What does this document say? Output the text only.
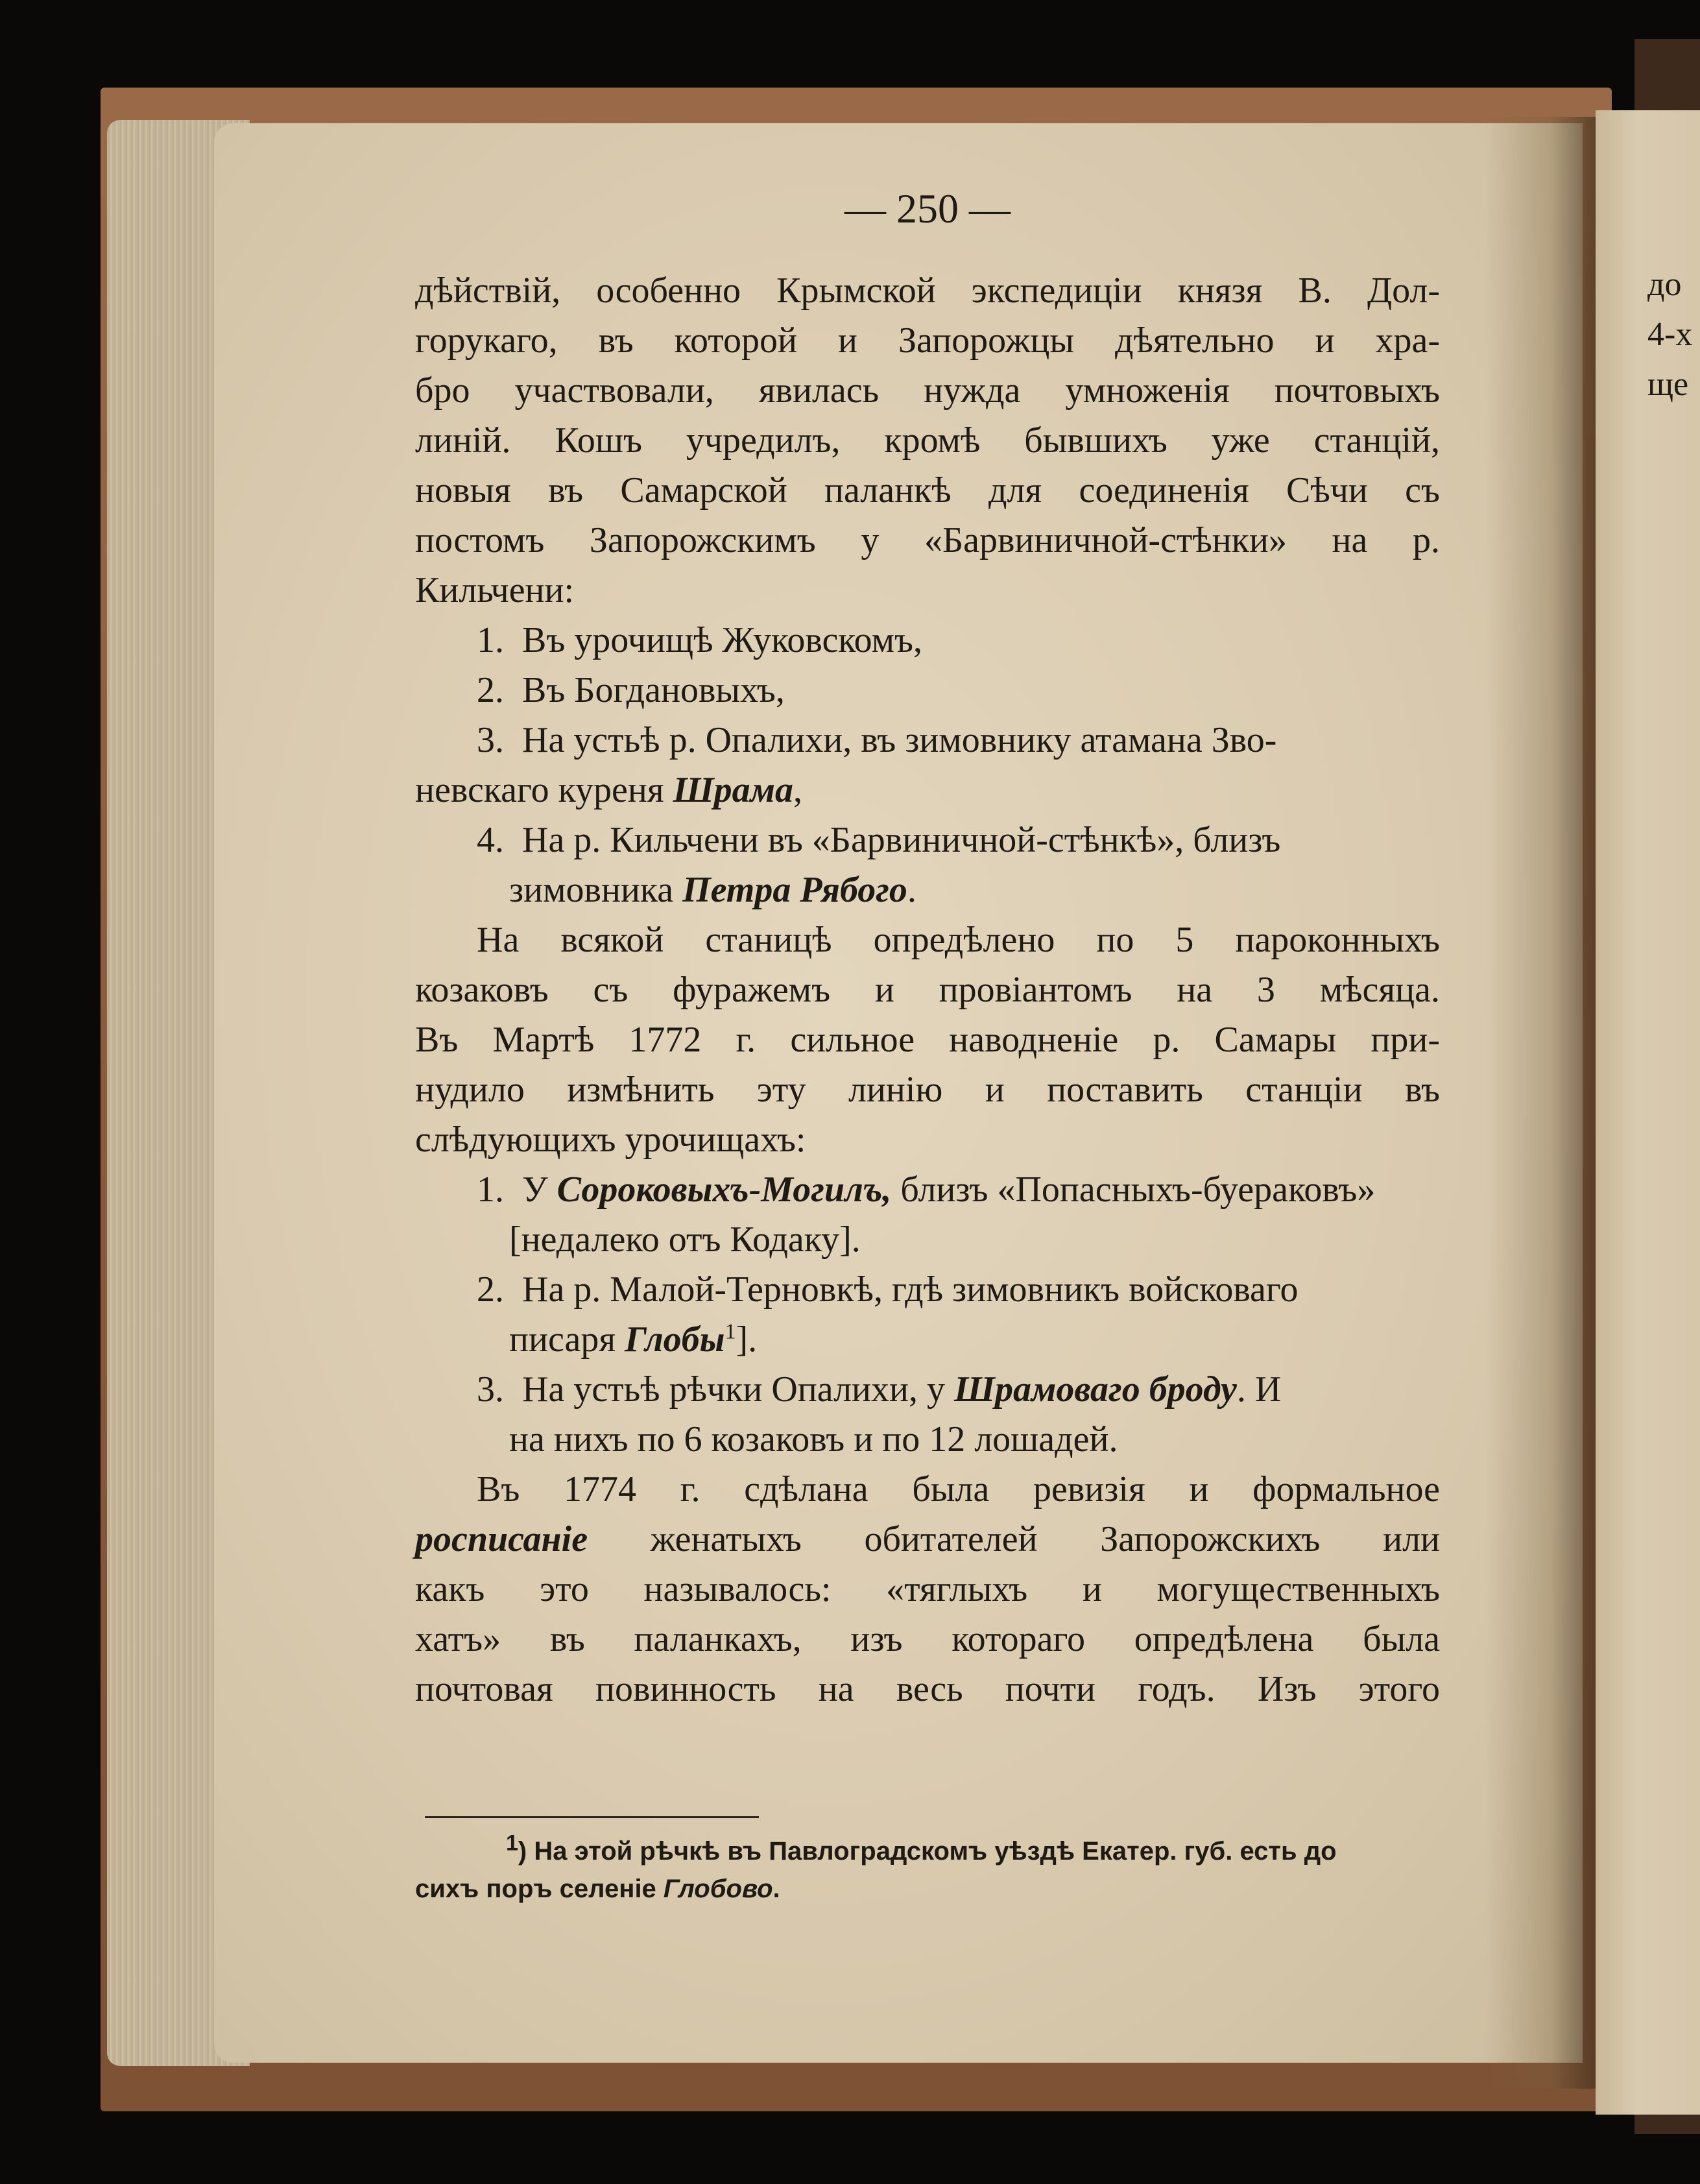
— 250 —
дѣйствій, особенно Крымской экспедиціи князя В. Дол-
горукаго, въ которой и Запорожцы дѣятельно и хра-
бро участвовали, явилась нужда умноженія почтовыхъ
линій. Кошъ учредилъ, кромѣ бывшихъ уже станцій,
новыя въ Самарской паланкѣ для соединенія Сѣчи съ
постомъ Запорожскимъ у «Барвиничной-стѣнки» на р.
Кильчени:
1. Въ урочищѣ Жуковскомъ,
2. Въ Богдановыхъ,
3. На устьѣ р. Опалихи, въ зимовнику атамана Зво-
невскаго куреня Шрама,
4. На р. Кильчени въ «Барвиничной-стѣнкѣ», близъ
зимовника Петра Рябого.
На всякой станицѣ опредѣлено по 5 пароконныхъ
козаковъ съ фуражемъ и провіантомъ на 3 мѣсяца.
Въ Мартѣ 1772 г. сильное наводненіе р. Самары при-
нудило измѣнить эту линію и поставить станціи въ
слѣдующихъ урочищахъ:
1. У Сороковыхъ-Могилъ, близъ «Попасныхъ-буераковъ»
[недалеко отъ Кодаку].
2. На р. Малой-Терновкѣ, гдѣ зимовникъ войсковаго
писаря Глобы$^1$].
3. На устьѣ рѣчки Опалихи, у Шрамоваго броду. И
на нихъ по 6 козаковъ и по 12 лошадей.
Въ 1774 г. сдѣлана была ревизія и формальное
росписаніе женатыхъ обитателей Запорожскихъ или
какъ это называлось: «тяглыхъ и могущественныхъ
хатъ» въ паланкахъ, изъ котораго опредѣлена была
почтовая повинность на весь почти годъ. Изъ этого
$^1$) На этой рѣчкѣ въ Павлоградскомъ уѣздѣ Екатер. губ. есть до
сихъ поръ селеніе Глобово.
до
4-х
ще
